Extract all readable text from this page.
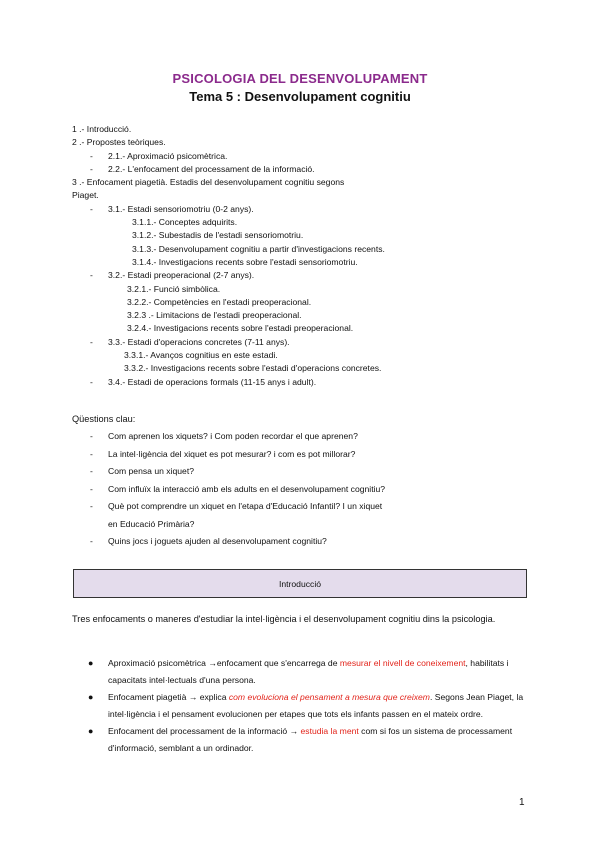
PSICOLOGIA DEL DESENVOLUPAMENT
Tema 5 : Desenvolupament cognitiu
1 .- Introducció.
2 .- Propostes teòriques.
- 2.1.- Aproximació psicomètrica.
- 2.2.- L'enfocament del processament de la informació.
3 .- Enfocament piagetià. Estadis del desenvolupament cognitiu segons
Piaget.
- 3.1.- Estadi sensoriomotriu (0-2 anys).
3.1.1.- Conceptes adquirits.
3.1.2.- Subestadis de l'estadi sensoriomotriu.
3.1.3.- Desenvolupament cognitiu a partir d'investigacions recents.
3.1.4.- Investigacions recents sobre l'estadi sensoriomotriu.
- 3.2.- Estadi preoperacional (2-7 anys).
3.2.1.- Funció simbòlica.
3.2.2.- Competències en l'estadi preoperacional.
3.2.3 .- Limitacions de l'estadi preoperacional.
3.2.4.- Investigacions recents sobre l'estadi preoperacional.
- 3.3.- Estadi d'operacions concretes (7-11 anys).
3.3.1.- Avanços cognitius en este estadi.
3.3.2.- Investigacions recents sobre l'estadi d'operacions concretes.
- 3.4.- Estadi de operacions formals (11-15 anys i adult).
Qüestions clau:
- Com aprenen los xiquets? i Com poden recordar el que aprenen?
- La intel·ligència del xiquet es pot mesurar? i com es pot millorar?
- Com pensa un xiquet?
- Com influïx la interacció amb els adults en el desenvolupament cognitiu?
- Què pot comprendre un xiquet en l'etapa d'Educació Infantil? I un xiquet
en Educació Primària?
- Quins jocs i joguets ajuden al desenvolupament cognitiu?
Introducció
Tres enfocaments o maneres d'estudiar la intel·ligència i el desenvolupament cognitiu dins la psicologia.
● Aproximació psicomètrica →enfocament que s'encarrega de mesurar el nivell de coneixement, habilitats i capacitats intel·lectuals d'una persona.
● Enfocament piagetià → explica com evoluciona el pensament a mesura que creixem. Segons Jean Piaget, la intel·ligència i el pensament evolucionen per etapes que tots els infants passen en el mateix ordre.
● Enfocament del processament de la informació → estudia la ment com si fos un sistema de processament d'informació, semblant a un ordinador.
1
